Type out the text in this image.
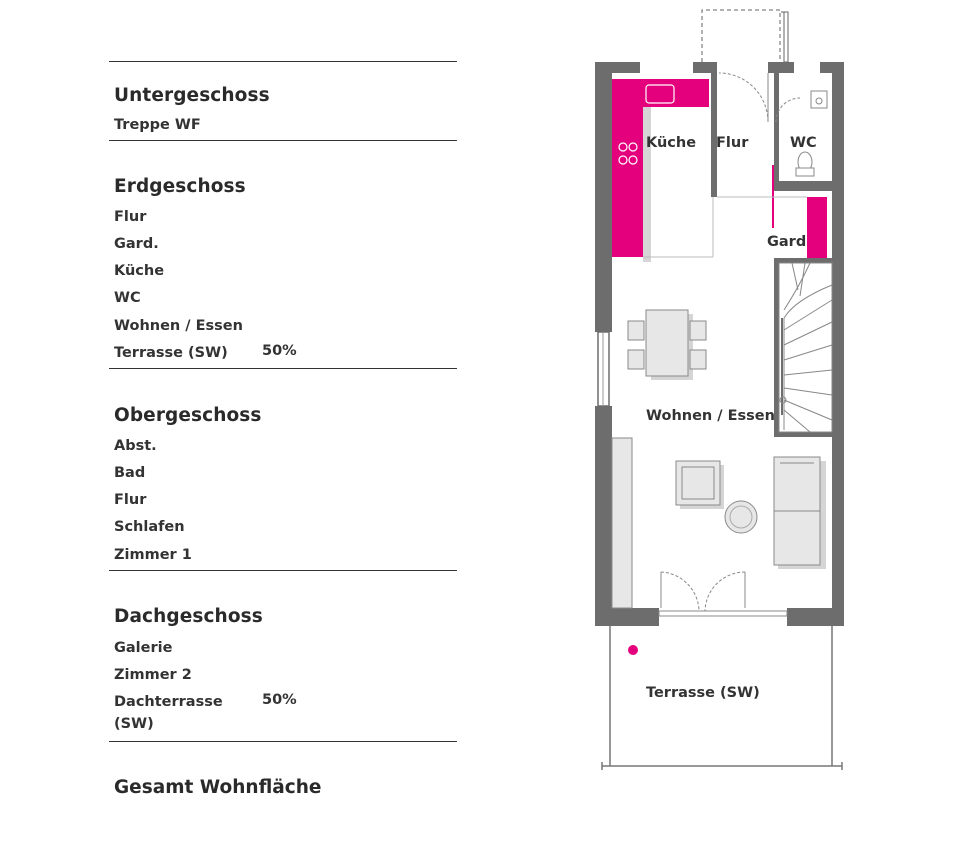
Untergeschoss
Treppe WF
Erdgeschoss
Flur
Gard.
Küche
WC
Wohnen / Essen
Terrasse (SW) 50%
Obergeschoss
Abst.
Bad
Flur
Schlafen
Zimmer 1
Dachgeschoss
Galerie
Zimmer 2
Dachterrasse (SW)
50%
Gesamt Wohnfläche
Küche Flur	WC
Gard
Wohnen / Essen
Terrasse (SW)
